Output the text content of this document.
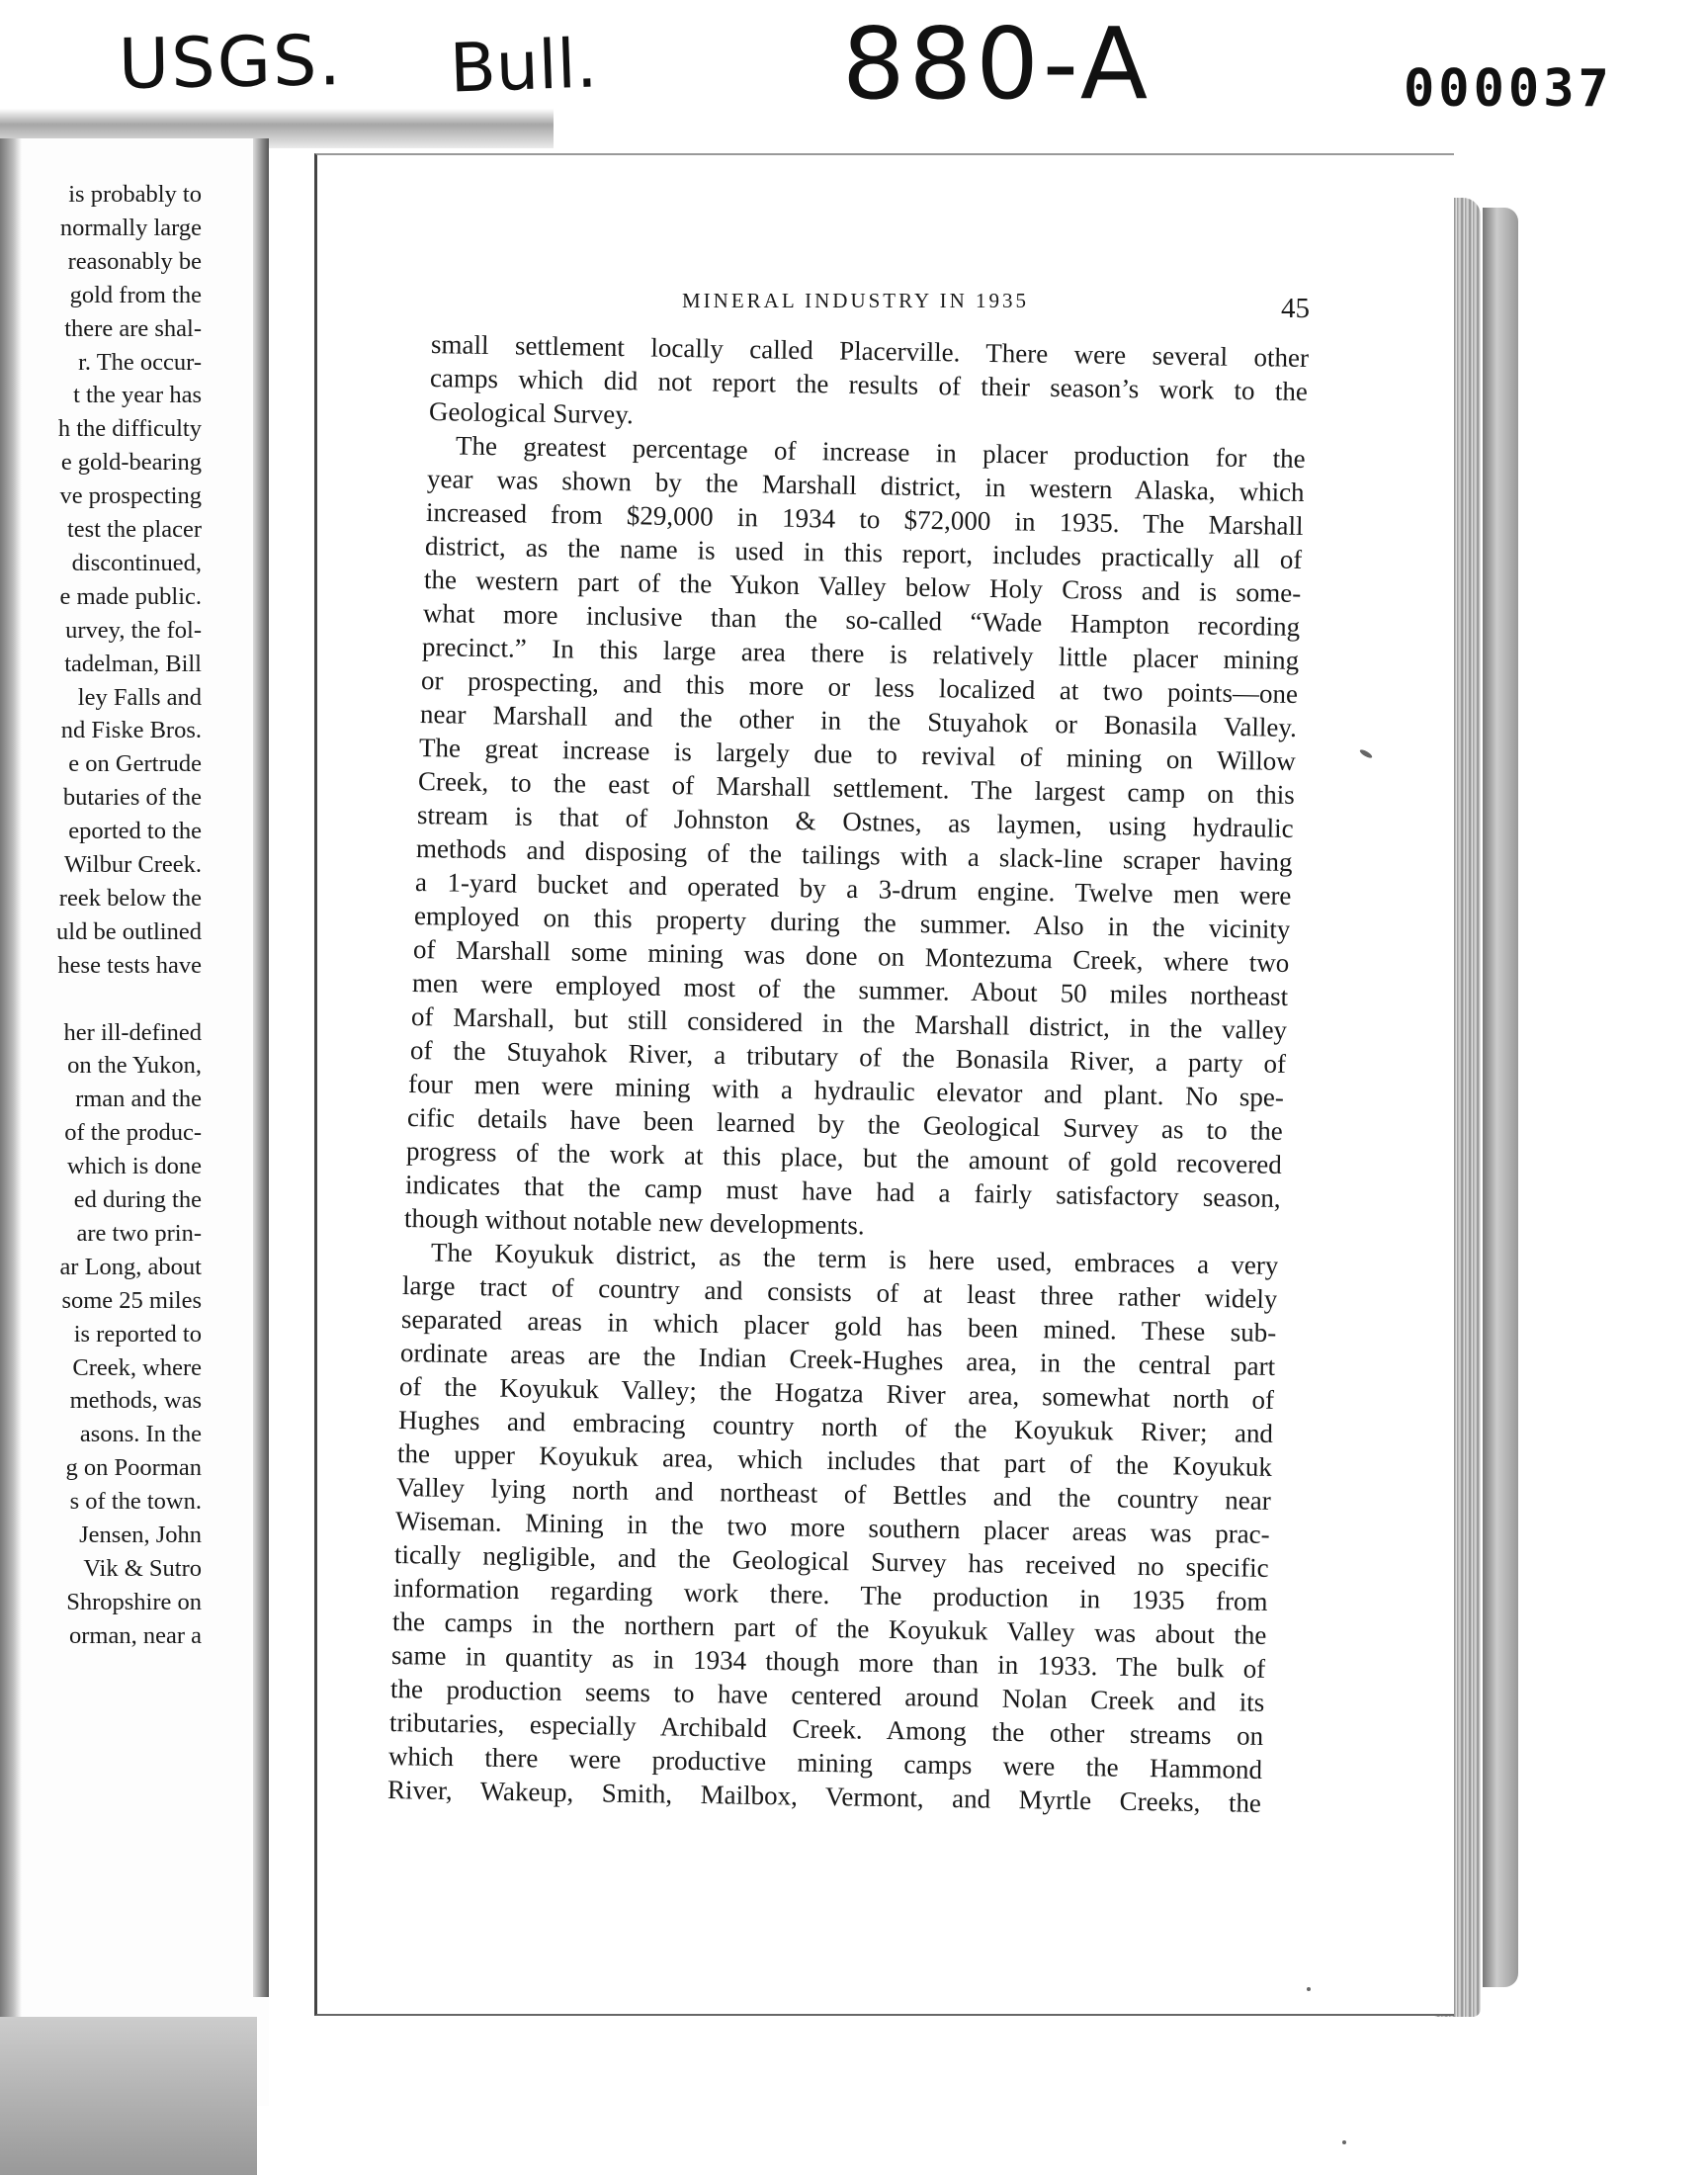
USGS. Bull. 880-A	000037
is probably to
normally large
reasonably be
gold from the
there are shal-
r. The occur-
t the year has
h the difficulty
e gold-bearing
ve prospecting
test the placer
discontinued,
e made public.
urvey, the fol-
tadelman, Bill
ley Falls and
nd Fiske Bros.
e on Gertrude
butaries of the
eported to the
Wilbur Creek.
reek below the
uld be outlined
hese tests have
her ill-defined
on the Yukon,
rman and the
of the produc-
which is done
ed during the
are two prin-
ar Long, about
some 25 miles
is reported to
Creek, where
methods, was
asons. In the
g on Poorman
s of the town.
Jensen, John
Vik & Sutro
Shropshire on
orman, near a
MINERAL INDUSTRY IN 1935	45
small settlement locally called Placerville. There were several other
camps which did not report the results of their season’s work to the
Geological Survey.
The greatest percentage of increase in placer production for the
year was shown by the Marshall district, in western Alaska, which
increased from $29,000 in 1934 to $72,000 in 1935. The Marshall
district, as the name is used in this report, includes practically all of
the western part of the Yukon Valley below Holy Cross and is some-
what more inclusive than the so-called “Wade Hampton recording
precinct.” In this large area there is relatively little placer mining
or prospecting, and this more or less localized at two points—one
near Marshall and the other in the Stuyahok or Bonasila Valley.
The great increase is largely due to revival of mining on Willow
Creek, to the east of Marshall settlement. The largest camp on this
stream is that of Johnston & Ostnes, as laymen, using hydraulic
methods and disposing of the tailings with a slack-line scraper having
a 1-yard bucket and operated by a 3-drum engine. Twelve men were
employed on this property during the summer. Also in the vicinity
of Marshall some mining was done on Montezuma Creek, where two
men were employed most of the summer. About 50 miles northeast
of Marshall, but still considered in the Marshall district, in the valley
of the Stuyahok River, a tributary of the Bonasila River, a party of
four men were mining with a hydraulic elevator and plant. No spe-
cific details have been learned by the Geological Survey as to the
progress of the work at this place, but the amount of gold recovered
indicates that the camp must have had a fairly satisfactory season,
though without notable new developments.
The Koyukuk district, as the term is here used, embraces a very
large tract of country and consists of at least three rather widely
separated areas in which placer gold has been mined. These sub-
ordinate areas are the Indian Creek-Hughes area, in the central part
of the Koyukuk Valley; the Hogatza River area, somewhat north of
Hughes and embracing country north of the Koyukuk River; and
the upper Koyukuk area, which includes that part of the Koyukuk
Valley lying north and northeast of Bettles and the country near
Wiseman. Mining in the two more southern placer areas was prac-
tically negligible, and the Geological Survey has received no specific
information regarding work there. The production in 1935 from
the camps in the northern part of the Koyukuk Valley was about the
same in quantity as in 1934 though more than in 1933. The bulk of
the production seems to have centered around Nolan Creek and its
tributaries, especially Archibald Creek. Among the other streams on
which there were productive mining camps were the Hammond
River, Wakeup, Smith, Mailbox, Vermont, and Myrtle Creeks, the
